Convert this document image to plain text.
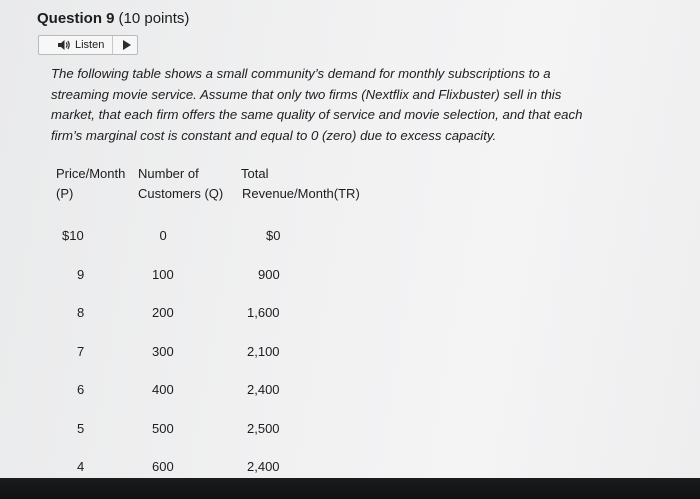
Question 9 (10 points)
Listen
The following table shows a small community’s demand for monthly subscriptions to a streaming movie service. Assume that only two firms (Nextflix and Flixbuster) sell in this market, that each firm offers the same quality of service and movie selection, and that each firm’s marginal cost is constant and equal to 0 (zero) due to excess capacity.
Price/Month
(P)
Number of
Customers (Q)
Total
Revenue/Month(TR)
$10	0	$0
9	100	900
8	200	1,600
7	300	2,100
6	400	2,400
5	500	2,500
4	600	2,400
